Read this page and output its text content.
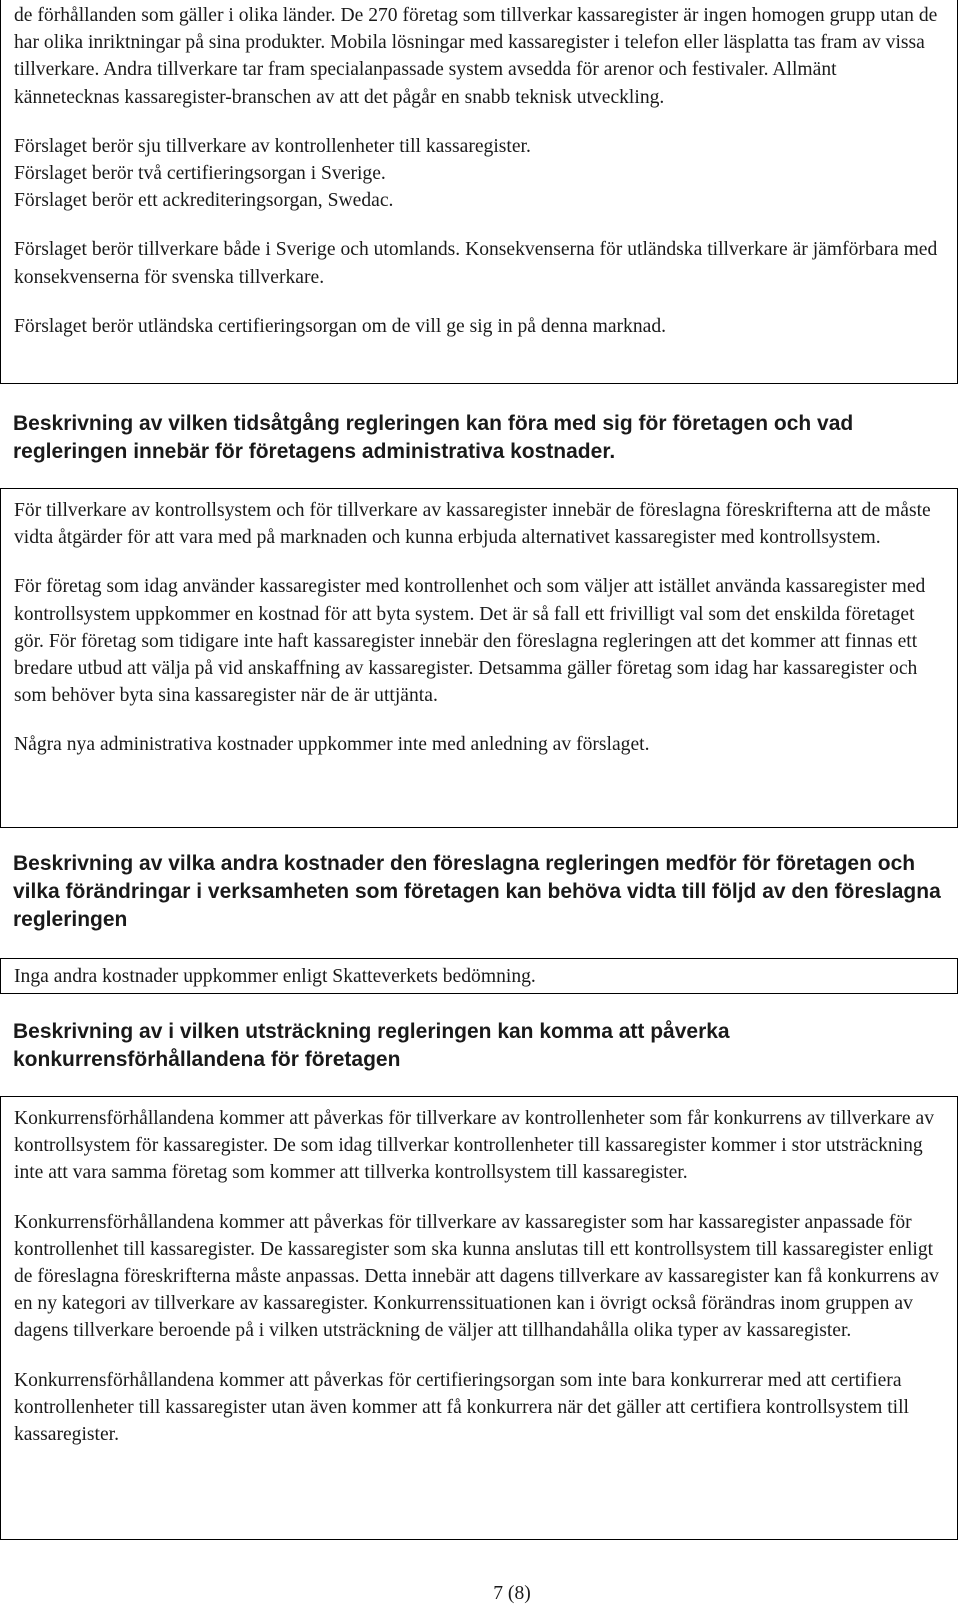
de förhållanden som gäller i olika länder. De 270 företag som tillverkar kassaregister är ingen homogen grupp utan de har olika inriktningar på sina produkter. Mobila lösningar med kassaregister i telefon eller läsplatta tas fram av vissa tillverkare. Andra tillverkare tar fram specialanpassade system avsedda för arenor och festivaler. Allmänt kännetecknas kassaregister-branschen av att det pågår en snabb teknisk utveckling.

Förslaget berör sju tillverkare av kontrollenheter till kassaregister.

Förslaget berör två certifieringsorgan i Sverige.

Förslaget berör ett ackrediteringsorgan, Swedac.

Förslaget berör tillverkare både i Sverige och utomlands. Konsekvenserna för utländska tillverkare är jämförbara med konsekvenserna för svenska tillverkare.

Förslaget berör utländska certifieringsorgan om de vill ge sig in på denna marknad.

Beskrivning av vilken tidsåtgång regleringen kan föra med sig för företagen och vad regleringen innebär för företagens administrativa kostnader.

För tillverkare av kontrollsystem och för tillverkare av kassaregister innebär de föreslagna föreskrifterna att de måste vidta åtgärder för att vara med på marknaden och kunna erbjuda alternativet kassaregister med kontrollsystem.

För företag som idag använder kassaregister med kontrollenhet och som väljer att istället använda kassaregister med kontrollsystem uppkommer en kostnad för att byta system. Det är så fall ett frivilligt val som det enskilda företaget gör. För företag som tidigare inte haft kassaregister innebär den föreslagna regleringen att det kommer att finnas ett bredare utbud att välja på vid anskaffning av kassaregister. Detsamma gäller företag som idag har kassaregister och som behöver byta sina kassaregister när de är uttjänta.

Några nya administrativa kostnader uppkommer inte med anledning av förslaget.

Beskrivning av vilka andra kostnader den föreslagna regleringen medför för företagen och vilka förändringar i verksamheten som företagen kan behöva vidta till följd av den föreslagna regleringen

Inga andra kostnader uppkommer enligt Skatteverkets bedömning.

Beskrivning av i vilken utsträckning regleringen kan komma att påverka konkurrensförhållandena för företagen

Konkurrensförhållandena kommer att påverkas för tillverkare av kontrollenheter som får konkurrens av tillverkare av kontrollsystem för kassaregister. De som idag tillverkar kontrollenheter till kassaregister kommer i stor utsträckning inte att vara samma företag som kommer att tillverka kontrollsystem till kassaregister.

Konkurrensförhållandena kommer att påverkas för tillverkare av kassaregister som har kassaregister anpassade för kontrollenhet till kassaregister. De kassaregister som ska kunna anslutas till ett kontrollsystem till kassaregister enligt de föreslagna föreskrifterna måste anpassas. Detta innebär att dagens tillverkare av kassaregister kan få konkurrens av en ny kategori av tillverkare av kassaregister. Konkurrenssituationen kan i övrigt också förändras inom gruppen av dagens tillverkare beroende på i vilken utsträckning de väljer att tillhandahålla olika typer av kassaregister.

Konkurrensförhållandena kommer att påverkas för certifieringsorgan som inte bara konkurrerar med att certifiera kontrollenheter till kassaregister utan även kommer att få konkurrera när det gäller att certifiera kontrollsystem till kassaregister.

7 (8)
